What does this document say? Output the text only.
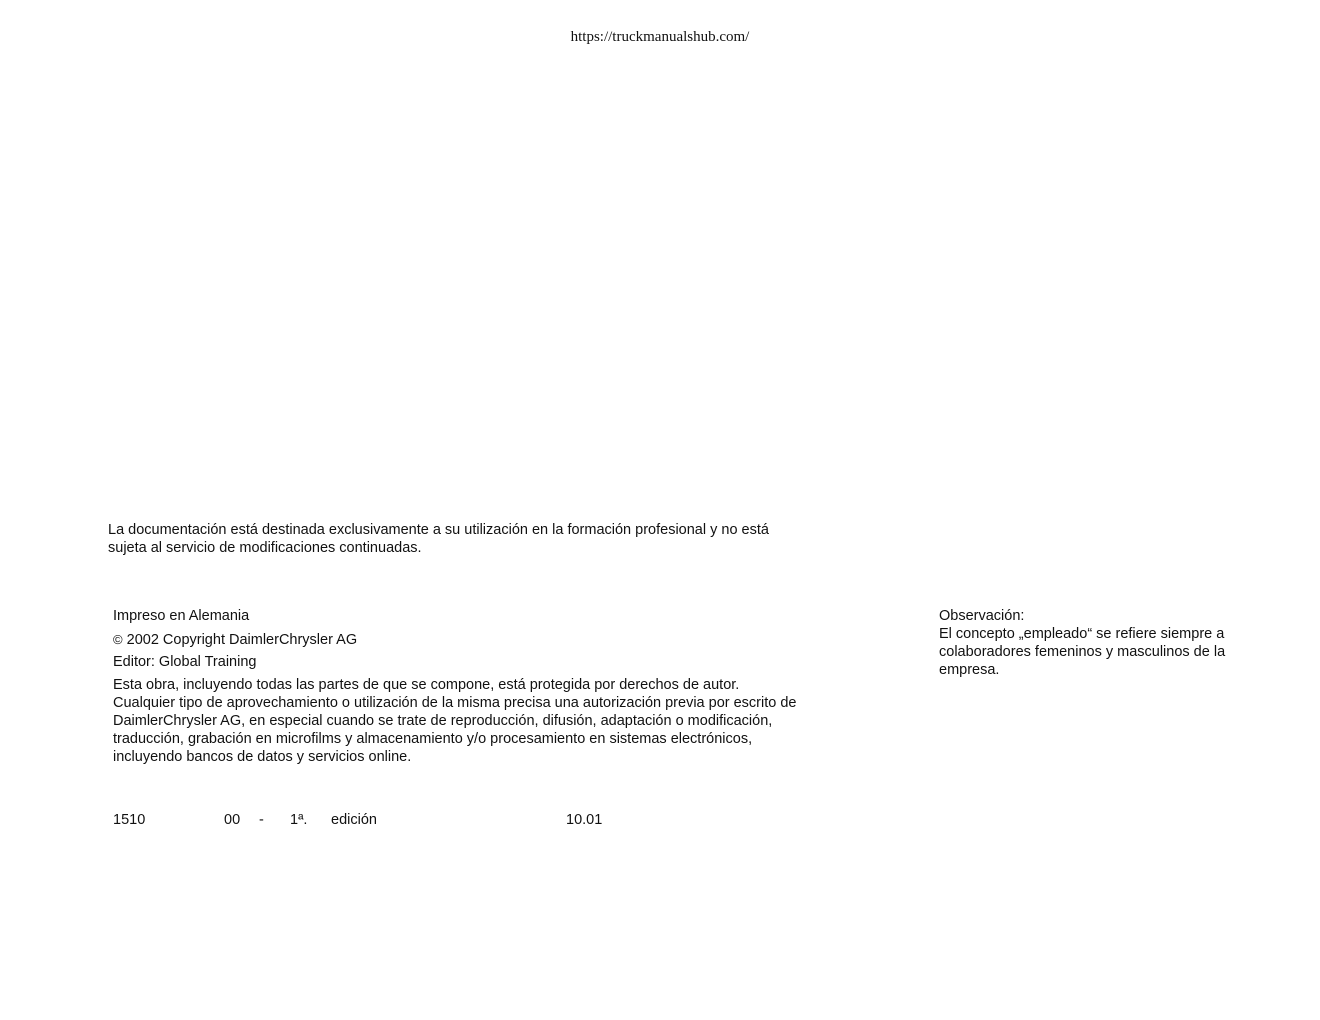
https://truckmanualshub.com/
La documentación está destinada exclusivamente a su utilización en la formación profesional y no está
sujeta al servicio de modificaciones continuadas.
Impreso en Alemania
© 2002 Copyright DaimlerChrysler AG
Editor: Global Training
Esta obra, incluyendo todas las partes de que se compone, está protegida por derechos de autor.
Cualquier tipo de aprovechamiento o utilización de la misma precisa una autorización previa por escrito de
DaimlerChrysler AG, en especial cuando se trate de reproducción, difusión, adaptación o modificación,
traducción, grabación en microfilms y almacenamiento y/o procesamiento en sistemas electrónicos,
incluyendo bancos de datos y servicios online.
1510	00 - 1ª. edición	10.01
Observación:
El concepto „empleado“ se refiere siempre a
colaboradores femeninos y masculinos de la
empresa.
